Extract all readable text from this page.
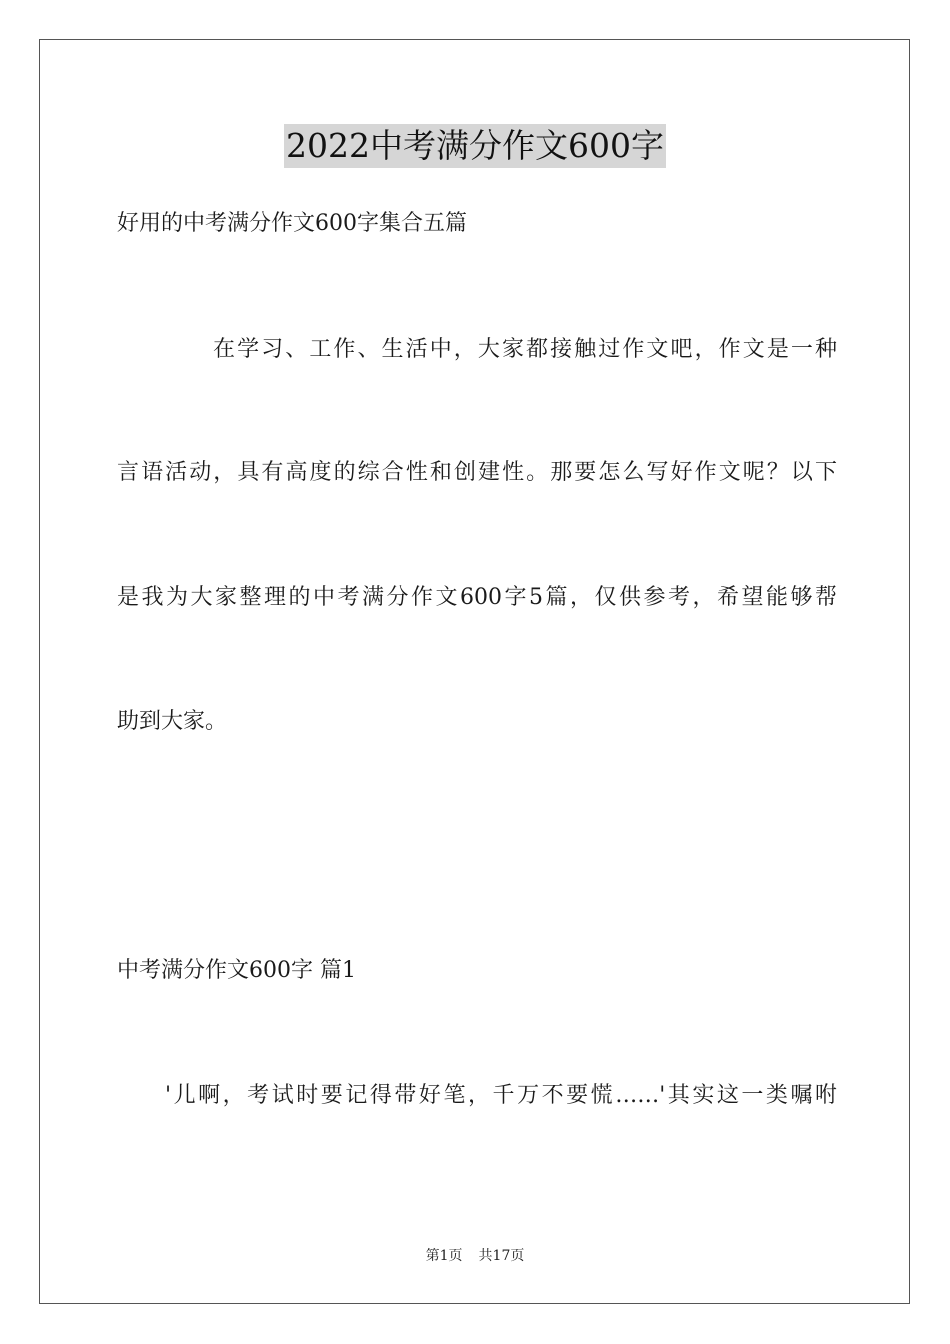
2022中考满分作文600字
好用的中考满分作文600字集合五篇
在学习、工作、生活中，大家都接触过作文吧，作文是一种
言语活动，具有高度的综合性和创建性。那要怎么写好作文呢？以下
是我为大家整理的中考满分作文600字5篇，仅供参考，希望能够帮
助到大家。
中考满分作文600字 篇1
'儿啊，考试时要记得带好笔，千万不要慌……'其实这一类嘱咐
第1页 共17页
